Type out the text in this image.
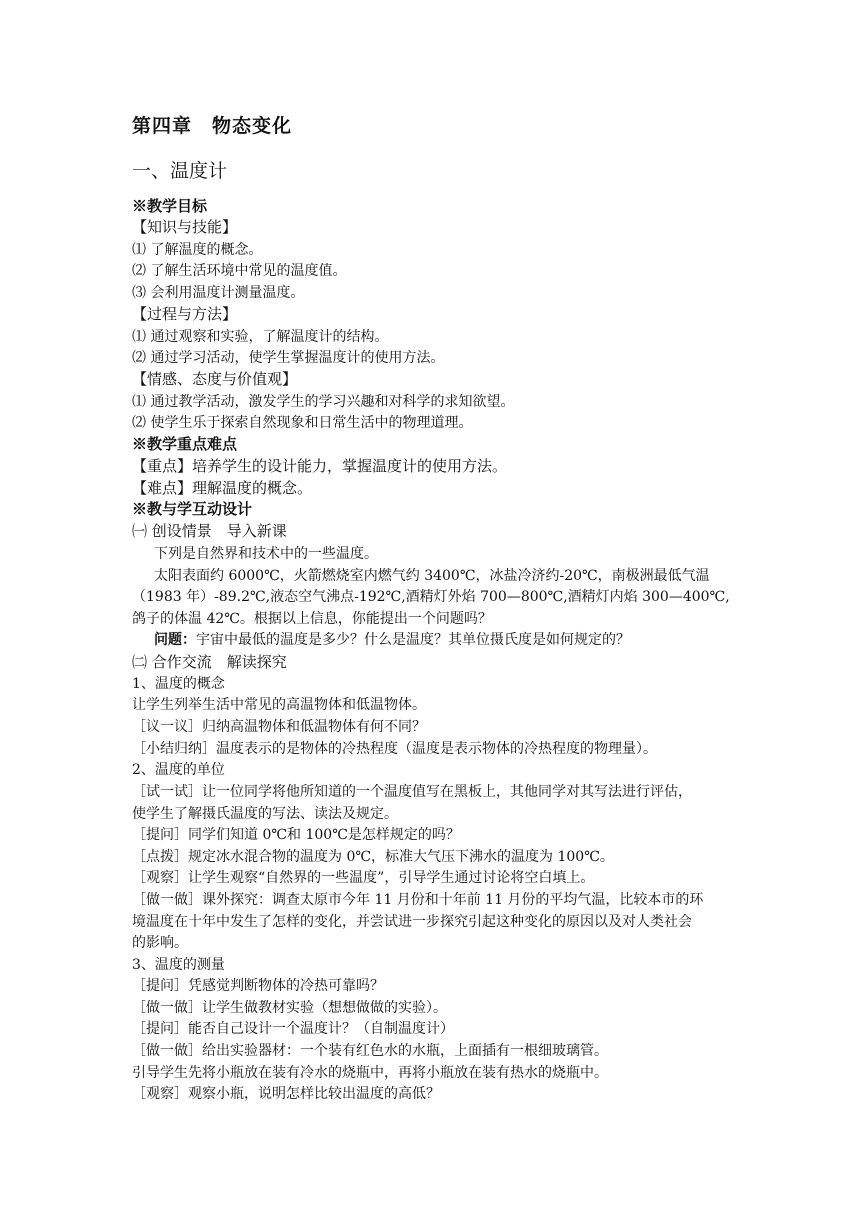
第四章　物态变化
一、温度计
※教学目标
【知识与技能】
⑴ 了解温度的概念。
⑵ 了解生活环境中常见的温度值。
⑶ 会利用温度计测量温度。
【过程与方法】
⑴ 通过观察和实验，了解温度计的结构。
⑵ 通过学习活动，使学生掌握温度计的使用方法。
【情感、态度与价值观】
⑴ 通过教学活动，激发学生的学习兴趣和对科学的求知欲望。
⑵ 使学生乐于探索自然现象和日常生活中的物理道理。
※教学重点难点
【重点】培养学生的设计能力，掌握温度计的使用方法。
【难点】理解温度的概念。
※教与学互动设计
㈠ 创设情景　导入新课
下列是自然界和技术中的一些温度。
太阳表面约 6000℃，火箭燃烧室内燃气约 3400℃，冰盐冷济约-20℃，南极洲最低气温
（1983 年）-89.2℃,液态空气沸点-192℃,酒精灯外焰 700—800℃,酒精灯内焰 300—400℃,
鸽子的体温 42℃。根据以上信息，你能提出一个问题吗？
问题：宇宙中最低的温度是多少？什么是温度？其单位摄氏度是如何规定的？
㈡ 合作交流　解读探究
1、温度的概念
让学生列举生活中常见的高温物体和低温物体。
［议一议］归纳高温物体和低温物体有何不同？
［小结归纳］温度表示的是物体的冷热程度（温度是表示物体的冷热程度的物理量）。
2、温度的单位
［试一试］让一位同学将他所知道的一个温度值写在黑板上，其他同学对其写法进行评估，
使学生了解摄氏温度的写法、读法及规定。
［提问］同学们知道 0℃和 100℃是怎样规定的吗？
［点拨］规定冰水混合物的温度为 0℃，标准大气压下沸水的温度为 100℃。
［观察］让学生观察“自然界的一些温度”，引导学生通过讨论将空白填上。
［做一做］课外探究：调查太原市今年 11 月份和十年前 11 月份的平均气温，比较本市的环
境温度在十年中发生了怎样的变化，并尝试进一步探究引起这种变化的原因以及对人类社会
的影响。
3、温度的测量
［提问］凭感觉判断物体的冷热可靠吗？
［做一做］让学生做教材实验（想想做做的实验）。
［提问］能否自己设计一个温度计？（自制温度计）
［做一做］给出实验器材：一个装有红色水的水瓶，上面插有一根细玻璃管。
引导学生先将小瓶放在装有冷水的烧瓶中，再将小瓶放在装有热水的烧瓶中。
［观察］观察小瓶，说明怎样比较出温度的高低？
